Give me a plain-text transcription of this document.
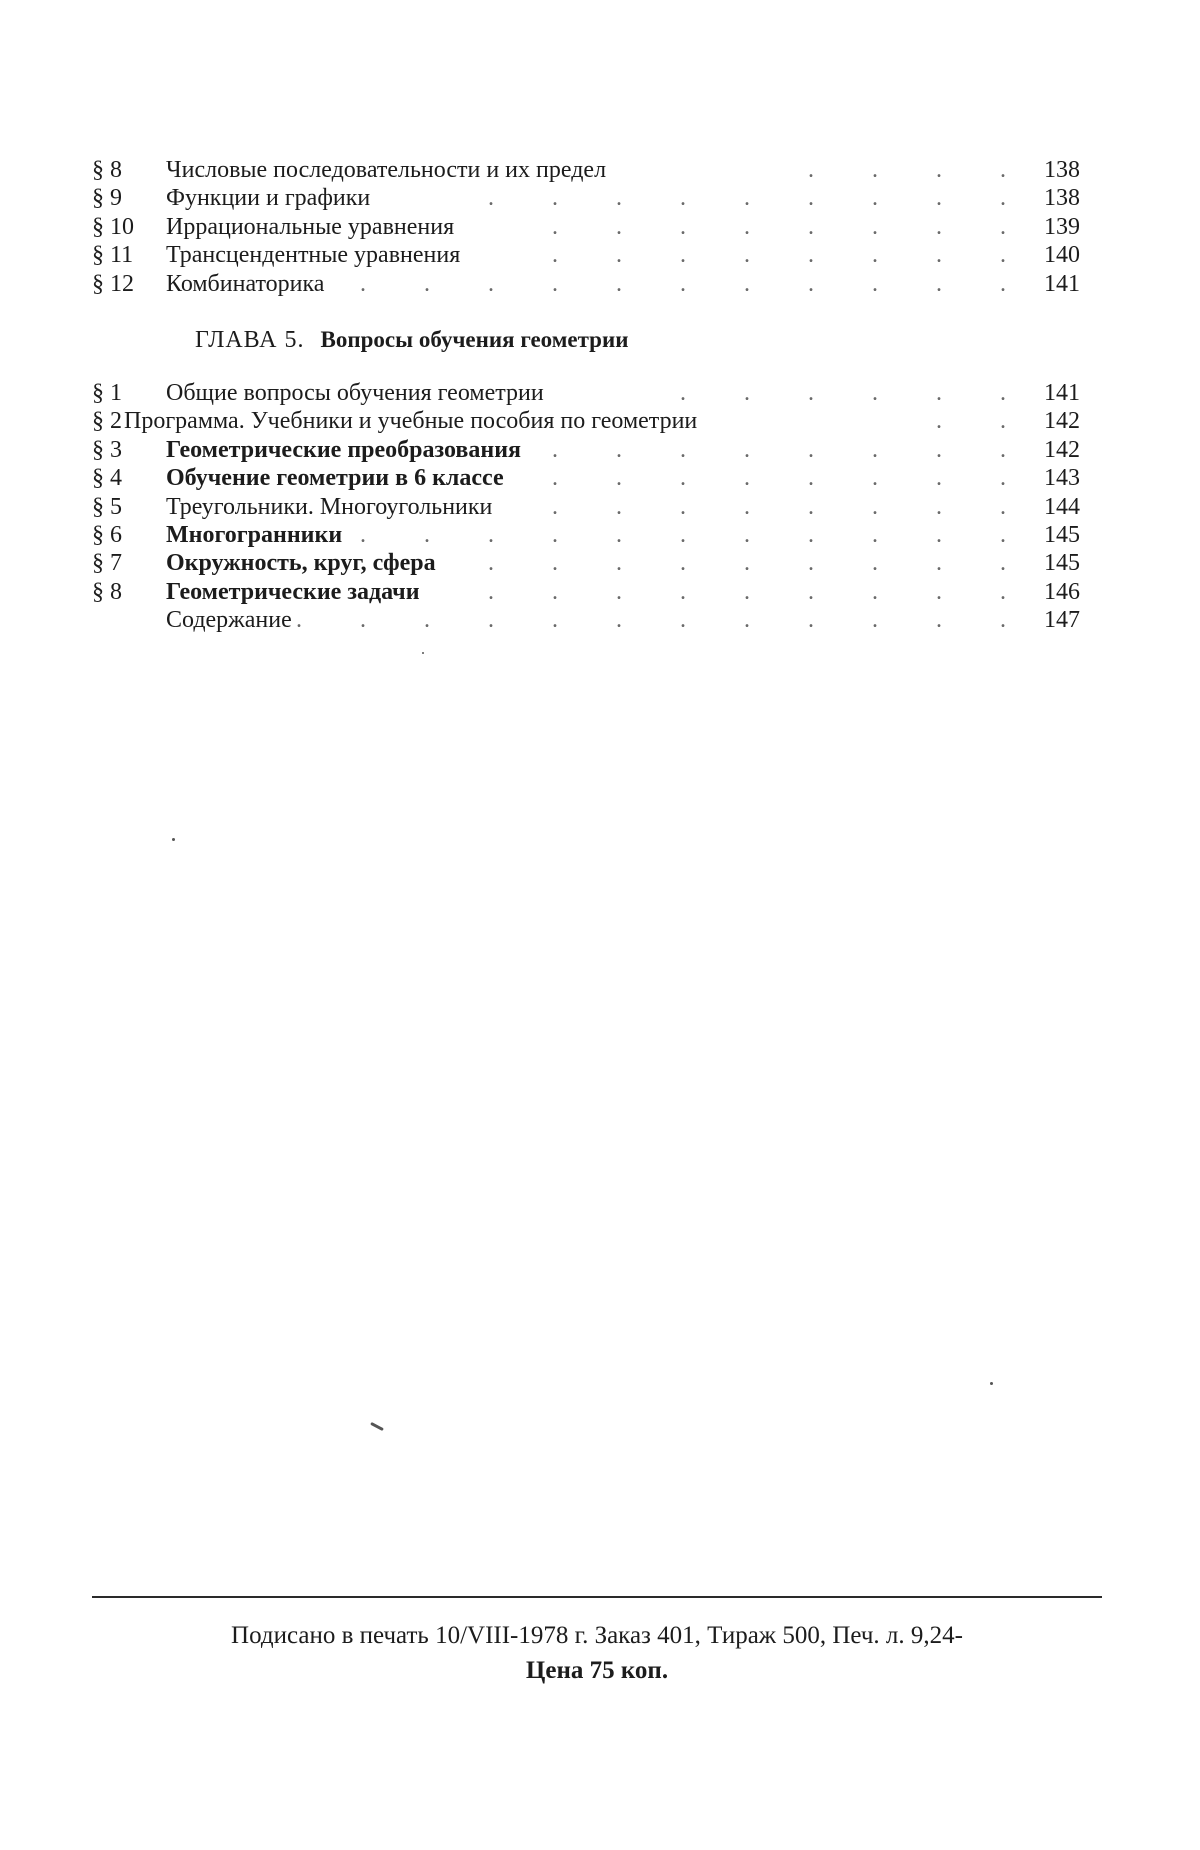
§ 8 Числовые последовательности и их предел	. . . . 138
§ 9 Функции и графики	. . . . . . . . . 138
§ 10 Иррациональные уравнения	. . . . . . . . 139
§ 11 Трансцендентные уравнения	. . . . . . . . 140
§ 12 Комбинаторика . . . . . . . . . . . 141
ГЛАВА 5. Вопросы обучения геометрии
§ 1 Общие вопросы обучения геометрии	. . . . . . 141
§ 2 Программа. Учебники и учебные пособия по геометрии	. . 142
§ 3 Геометрические преобразования . . . . . . . . 142
§ 4 Обучение геометрии в 6 классе . . . . . . . . 143
§ 5 Треугольники. Многоугольники . . . . . . . . 144
§ 6 Многогранники . . . . . . . . . . . 145
§ 7 Окружность, круг, сфера . . . . . . . . . 145
§ 8 Геометрические задачи	. . . . . . . . . 146
Содержание . . . . . . . . . . . . 147
Подисано в печать 10/VIII-1978 г. Заказ 401, Тираж 500, Печ. л. 9,24-
Цена 75 коп.
